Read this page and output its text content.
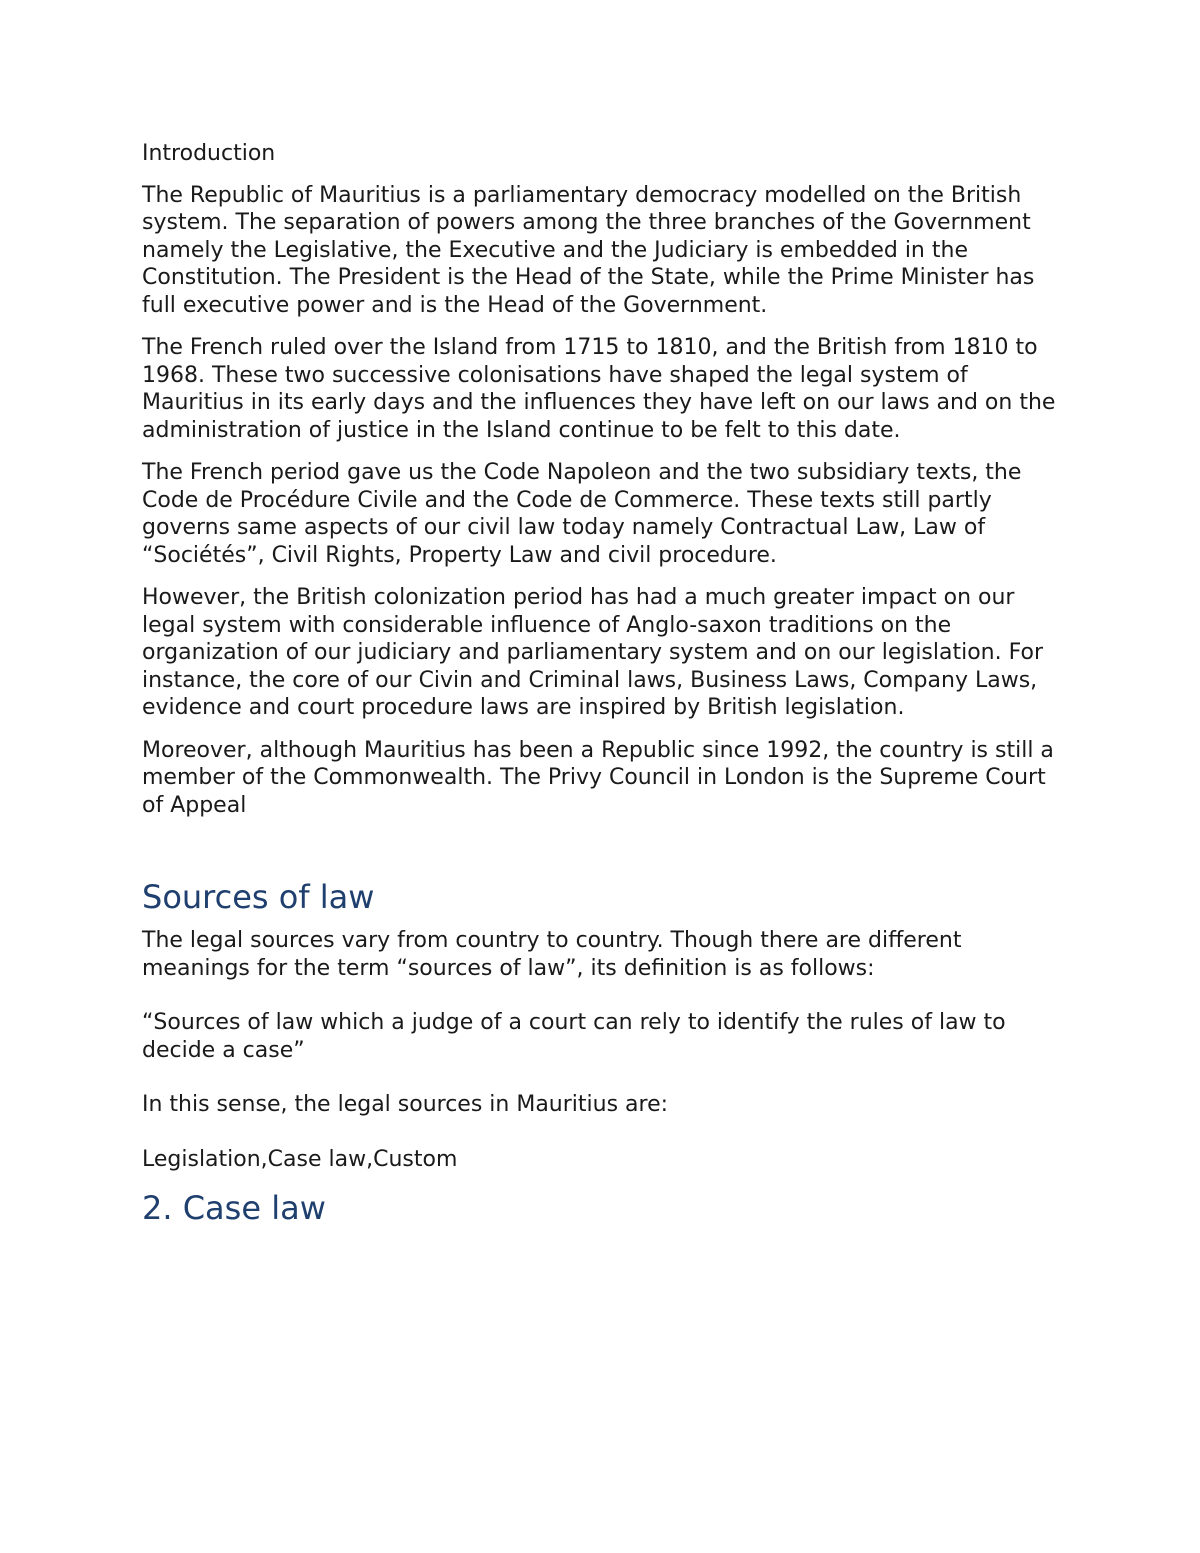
Introduction

The Republic of Mauritius is a parliamentary democracy modelled on the British system. The separation of powers among the three branches of the Government namely the Legislative, the Executive and the Judiciary is embedded in the Constitution. The President is the Head of the State, while the Prime Minister has full executive power and is the Head of the Government.

The French ruled over the Island from 1715 to 1810, and the British from 1810 to 1968. These two successive colonisations have shaped the legal system of Mauritius in its early days and the influences they have left on our laws and on the administration of justice in the Island continue to be felt to this date.

The French period gave us the Code Napoleon and the two subsidiary texts, the Code de Procédure Civile and the Code de Commerce. These texts still partly governs same aspects of our civil law today namely Contractual Law, Law of “Sociétés”, Civil Rights, Property Law and civil procedure.

However, the British colonization period has had a much greater impact on our legal system with considerable influence of Anglo-saxon traditions on the organization of our judiciary and parliamentary system and on our legislation. For instance, the core of our Civin and Criminal laws, Business Laws, Company Laws, evidence and court procedure laws are inspired by British legislation.

Moreover, although Mauritius has been a Republic since 1992, the country is still a member of the Commonwealth. The Privy Council in London is the Supreme Court of Appeal

Sources of law

The legal sources vary from country to country. Though there are different meanings for the term “sources of law”, its definition is as follows:

“Sources of law which a judge of a court can rely to identify the rules of law to decide a case”

In this sense, the legal sources in Mauritius are:

Legislation,Case law,Custom

2. Case law
